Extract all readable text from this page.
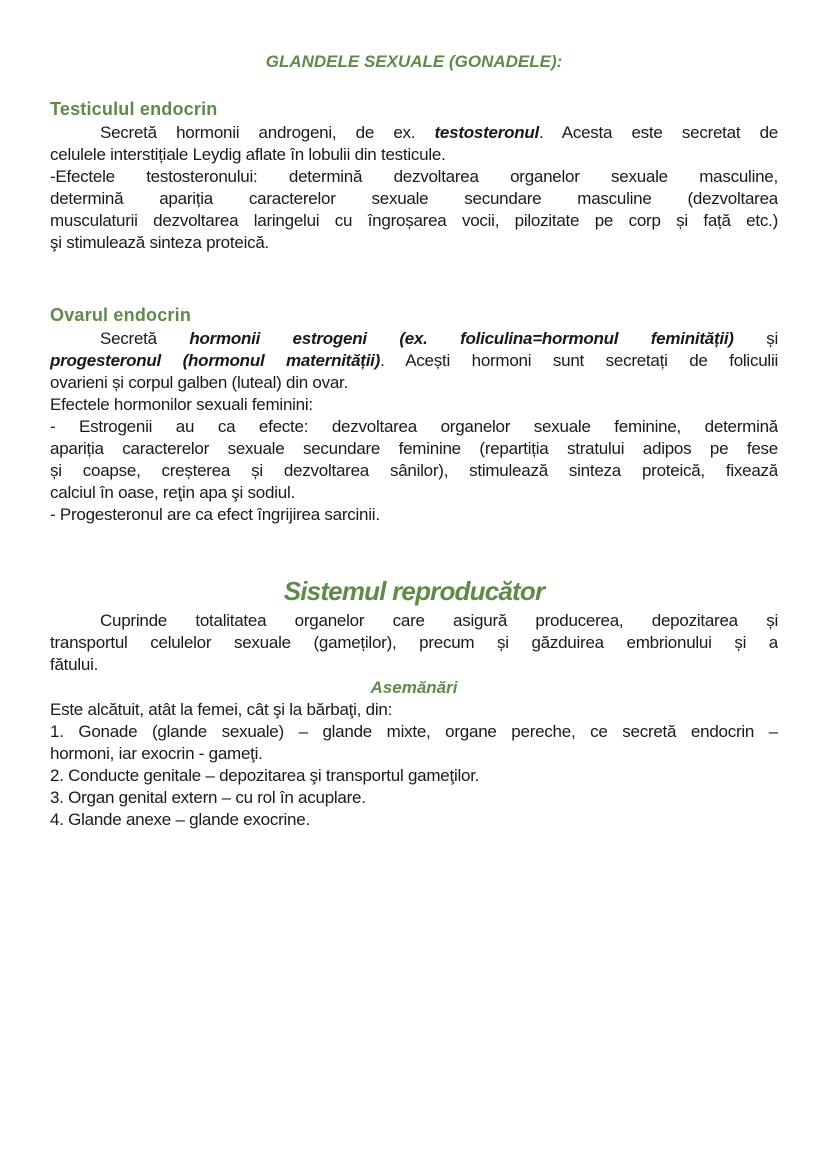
GLANDELE SEXUALE (GONADELE):
Testiculul endocrin
Secretă hormonii androgeni, de ex. testosteronul. Acesta este secretat de
celulele interstițiale Leydig aflate în lobulii din testicule.
-Efectele testosteronului: determină dezvoltarea organelor sexuale masculine,
determină apariția caracterelor sexuale secundare masculine (dezvoltarea
musculaturii dezvoltarea laringelui cu îngroșarea vocii, pilozitate pe corp și față etc.)
şi stimulează sinteza proteică.
Ovarul endocrin
Secretă hormonii estrogeni (ex. foliculina=hormonul feminității) și
progesteronul (hormonul maternității). Acești hormoni sunt secretați de foliculii
ovarieni și corpul galben (luteal) din ovar.
Efectele hormonilor sexuali feminini:
- Estrogenii au ca efecte: dezvoltarea organelor sexuale feminine, determină
apariția caracterelor sexuale secundare feminine (repartiția stratului adipos pe fese
și coapse, creșterea și dezvoltarea sânilor), stimulează sinteza proteică, fixează
calciul în oase, reţin apa şi sodiul.
- Progesteronul are ca efect îngrijirea sarcinii.
Sistemul reproducător
Cuprinde totalitatea organelor care asigură producerea, depozitarea și
transportul celulelor sexuale (gameților), precum și găzduirea embrionului și a
fătului.
Asemănări
Este alcătuit, atât la femei, cât şi la bărbaţi, din:
1. Gonade (glande sexuale) – glande mixte, organe pereche, ce secretă endocrin –
hormoni, iar exocrin - gameţi.
2. Conducte genitale – depozitarea şi transportul gameţilor.
3. Organ genital extern – cu rol în acuplare.
4. Glande anexe – glande exocrine.
